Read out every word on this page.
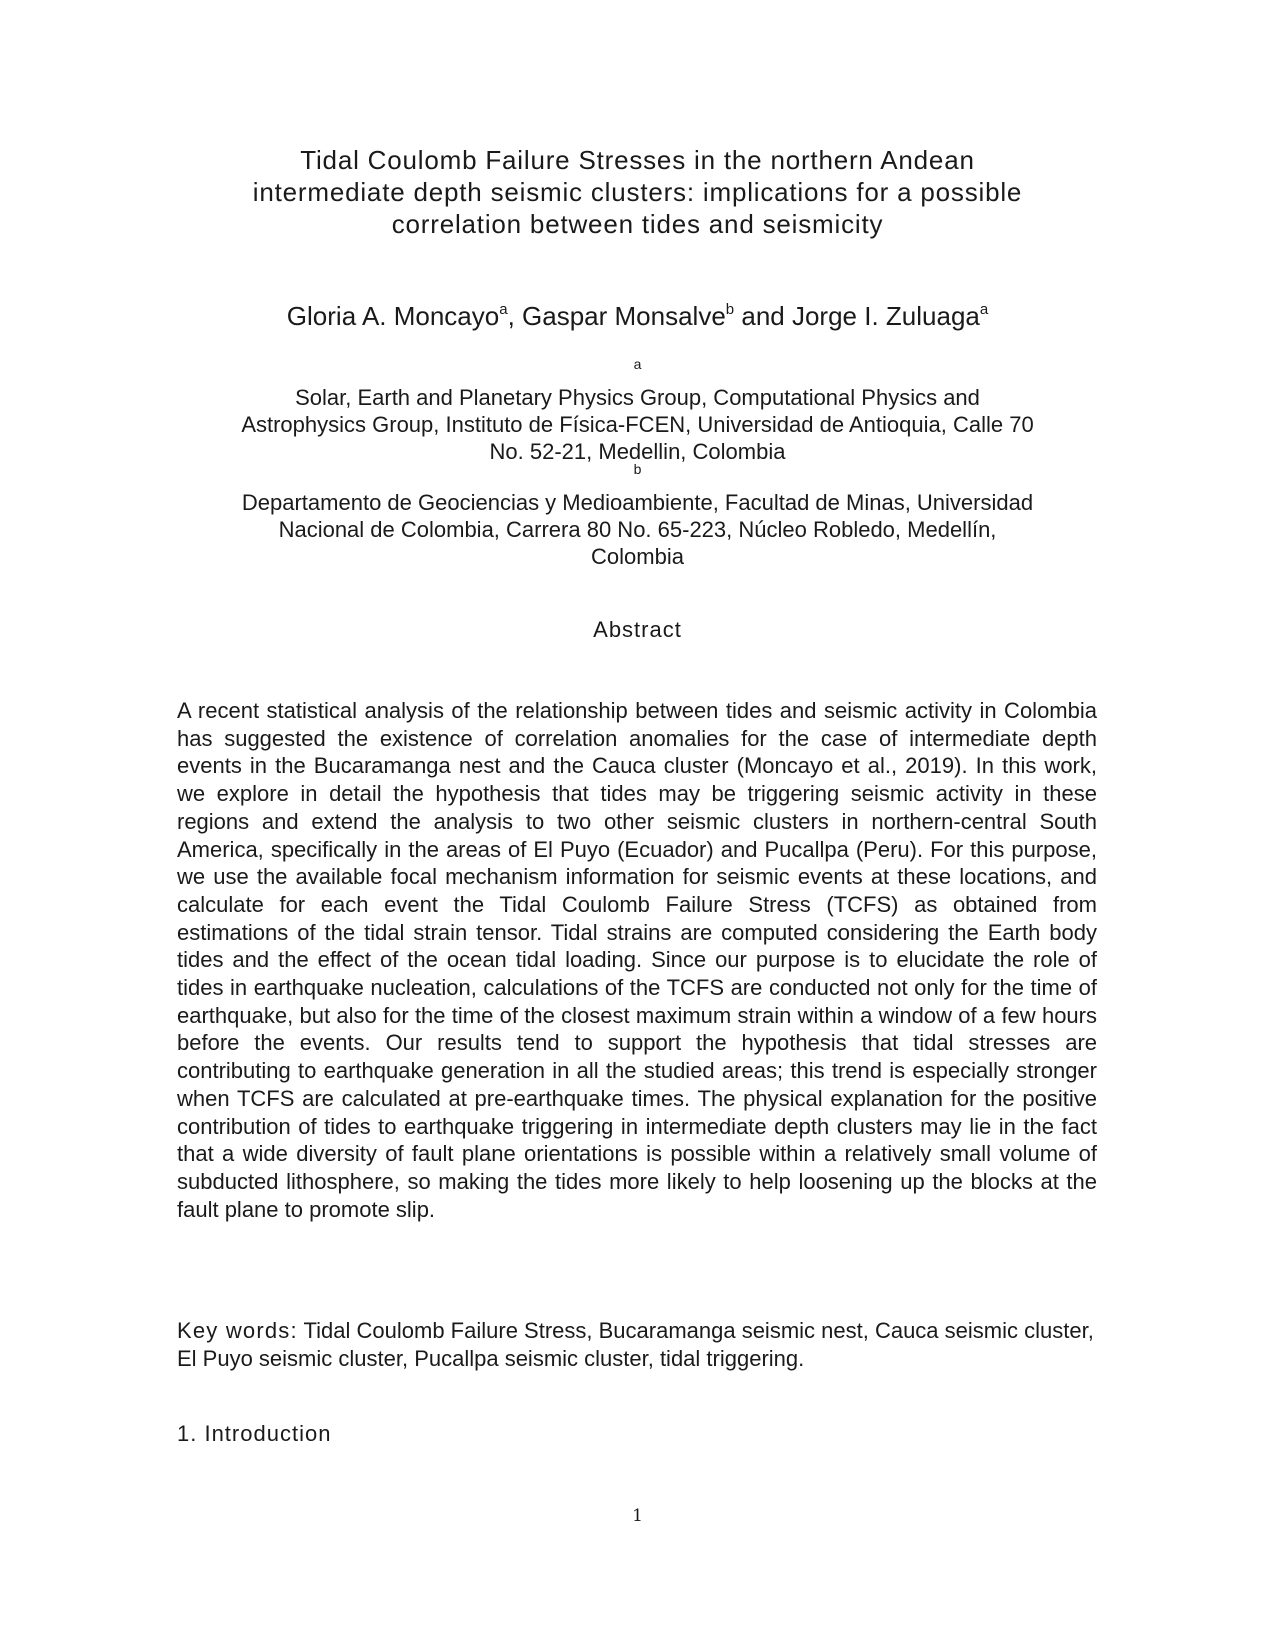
Tidal Coulomb Failure Stresses in the northern Andean
intermediate depth seismic clusters: implications for a possible
correlation between tides and seismicity

Gloria A. Moncayo$^a$, Gaspar Monsalve$^b$ and Jorge I. Zuluaga$^a$

$^a$
Solar, Earth and Planetary Physics Group, Computational Physics and
Astrophysics Group, Instituto de Física-FCEN, Universidad de Antioquia, Calle 70
No. 52-21, Medellin, Colombia
$^b$
Departamento de Geociencias y Medioambiente, Facultad de Minas, Universidad
Nacional de Colombia, Carrera 80 No. 65-223, Núcleo Robledo, Medellín,
Colombia
Abstract

A recent statistical analysis of the relationship between tides and seismic activity in Colombia has suggested the existence of correlation anomalies for the case of intermediate depth events in the Bucaramanga nest and the Cauca cluster (Moncayo et al., 2019). In this work, we explore in detail the hypothesis that tides may be triggering seismic activity in these regions and extend the analysis to two other seismic clusters in northern-central South America, specifically in the areas of El Puyo (Ecuador) and Pucallpa (Peru). For this purpose, we use the available focal mechanism information for seismic events at these locations, and calculate for each event the Tidal Coulomb Failure Stress (TCFS) as obtained from estimations of the tidal strain tensor. Tidal strains are computed considering the Earth body tides and the effect of the ocean tidal loading. Since our purpose is to elucidate the role of tides in earthquake nucleation, calculations of the TCFS are conducted not only for the time of earthquake, but also for the time of the closest maximum strain within a window of a few hours before the events. Our results tend to support the hypothesis that tidal stresses are contributing to earthquake generation in all the studied areas; this trend is especially stronger when TCFS are calculated at pre-earthquake times. The physical explanation for the positive contribution of tides to earthquake triggering in intermediate depth clusters may lie in the fact that a wide diversity of fault plane orientations is possible within a relatively small volume of subducted lithosphere, so making the tides more likely to help loosening up the blocks at the fault plane to promote slip.

Key words: Tidal Coulomb Failure Stress, Bucaramanga seismic nest, Cauca seismic cluster, El Puyo seismic cluster, Pucallpa seismic cluster, tidal triggering.

1. Introduction
1
